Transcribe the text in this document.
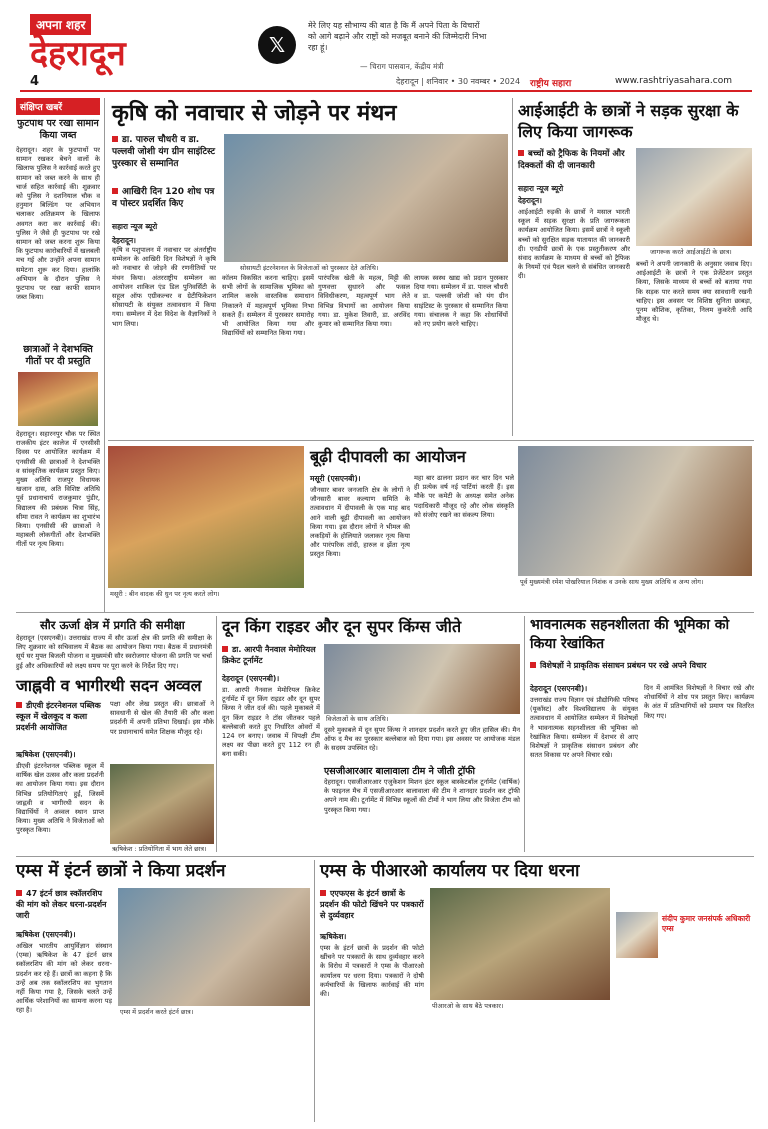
अपना शहर
देहरादून
4
𝕏
मेरे लिए यह सौभाग्य की बात है कि मैं अपने पिता के विचारों को आगे बढ़ाने और राष्ट्रों को मजबूत बनाने की जिम्मेदारी निभा रहा हूं।
— चिराग पासवान, केंद्रीय मंत्री
देहरादून | शनिवार • 30 नवम्बर • 2024 राष्ट्रीय सहारा	www.rashtriyasahara.com
संक्षिप्त खबरें
फुटपाथ पर रखा सामान किया जब्त
देहरादून। शहर के फुटपाथों पर सामान रखकर बेचने वालों के खिलाफ पुलिस ने कार्रवाई करते हुए सामान को जब्त करने के साथ ही चार्ज सहित कार्रवाई की। शुक्रवार को पुलिस ने दशनियाल चौक व हनुमान बिल्डिंग पर अभियान चलाकर अतिक्रमण के खिलाफ अवगत करा कर कार्रवाई की। पुलिस ने जैसे ही फुटपाथ पर रखे सामान को जब्त करना शुरू किया कि फुटपाथ कारोबारियों में खलबली मच गई और उन्होंने अपना सामान समेटना शुरू कर दिया। हालांकि अभियान के दौरान पुलिस ने फुटपाथ पर रखा काफी सामान जब्त किया।
छात्राओं ने देशभक्ति गीतों पर दी प्रस्तुति
देहरादून। सहारनपुर चौक पर स्थित राजकीय इंटर कालेज में एनसीसी दिवस पर आयोजित कार्यक्रम में एनसीसी की छात्राओं ने देशभक्ति व सांस्कृतिक कार्यक्रम प्रस्तुत किए। मुख्य अतिथि राजपुर विधायक खजान दास, अति विशिष्ट अतिथि पूर्व प्रधानाचार्य राजकुमार पुंडीर, विद्यालय की प्रबंधक चित्रा सिंह, सीमा रावत ने कार्यक्रम का शुभारंभ किया। एनसीसी की छात्राओं ने महाबली लोकगीतों और देशभक्ति गीतों पर नृत्य किया।
कृषि को नवाचार से जोड़ने पर मंथन
डा. पारुल चौधरी व डा. पल्लवी जोशी यंग ग्रीन साइंटिस्ट पुरस्कार से सम्मानित
आखिरी दिन 120 शोध पत्र व पोस्टर प्रदर्शित किए
सहारा न्यूज ब्यूरो
सोसायटी इंटरनेशनल के विजेताओं को पुरस्कार देते अतिथि।
देहरादून।
कृषि व पशुपालन में नवाचार पर अंतर्राष्ट्रीय सम्मेलन के आखिरी दिन विशेषज्ञों ने कृषि को नवाचार से जोड़ने की रणनीतियों पर मंथन किया। अंतरराष्ट्रीय सम्मेलन का आयोजन शाकिल एंड डिल पुनिवर्सिटी के सहूल ऑफ एग्रीकल्चर व ग्रेटीफिकेशन सोसायटी के संयुक्त तत्वावधान में किया गया। सम्मेलन में देश विदेश के वैज्ञानिकों ने भाग लिया।
कॉलम विकसित करना चाहिए। इसमें सभी लोगों के सामाजिक भूमिका को शामिल करके वास्तविक समाधान निकालने में महत्वपूर्ण भूमिका निभा सकते हैं। सम्मेलन में पुरस्कार समारोह भी आयोजित किया गया और विद्यार्थियों को सम्मानित किया गया।
पारंपरिक खेती के महत्व, मिट्टी की गुणवत्ता सुधारने और फसल विविधीकरण, महत्वपूर्ण भाग लेते विभिन्न विभागों का आयोजन किया गया। डा. मुकेश तिवारी, डा. अरविंद कुमार को सम्मानित किया गया।
लायक स्वस्थ खाद्य को प्रदान पुरस्कार दिया गया। सम्मेलन में डा. पारुल चौधरी व डा. पल्लवी जोशी को यंग ग्रीन साइंटिस्ट के पुरस्कार से सम्मानित किया गया। संचालक ने कहा कि शोधार्थियों को नए प्रयोग करने चाहिए।
आईआईटी के छात्रों ने सड़क सुरक्षा के लिए किया जागरूक
बच्चों को ट्रैफिक के नियमों और दिक्कतों की दी जानकारी
सहारा न्यूज ब्यूरो
देहरादून।
जागरूक करते आईआईटी के छात्र।
आईआईटी रुड़की के छात्रों ने मसाल भारती स्कूल में सड़क सुरक्षा के प्रति जागरूकता कार्यक्रम आयोजित किया। इसमें छात्रों ने स्कूली बच्चों को सुरक्षित सड़क यातायात की जानकारी दी। एनडीपी छात्रों के एक प्रस्तुतीकरण और संवाद कार्यक्रम के माध्यम से बच्चों को ट्रैफिक के नियमों एवं पैदल चलने से संबंधित जानकारी दी।
बच्चों ने अपनी जानकारी के अनुसार जवाब दिए। आईआईटी के छात्रों ने एक प्रेजेंटेशन प्रस्तुत किया, जिसके माध्यम से बच्चों को बताया गया कि सड़क पार करते समय क्या सावधानी रखनी चाहिए। इस अवसर पर विशिष्ठ सुनिता छाबड़ा, पूनम कौशिक, कृतिका, निलम कुकरेती आदि मौजूद थे।
मसूरी : बीन वादक की धुन पर नृत्य करते लोग।
बूढ़ी दीपावली का आयोजन
मसूरी (एसएनबी)।
जौनसार बावर जनजाति क्षेत्र के लोगों ने जौनसारी बावर कल्याण समिति के तत्वावधान में दीपावली के एक माह बाद आने वाली बूढ़ी दीपावली का आयोजन किया गया। इस दौरान लोगों ने भीमल की लकड़ियों के होलियाते जलाकर नृत्य किया और पारंपरिक तांदी, हारुल व झेंता नृत्य प्रस्तुत किया।
महा बार ढालना प्रदान कर चार दिन भले ही प्रत्येक वर्ष नई पार्टियां करती हैं। इस मौके पर कमेटी के अध्यक्ष समेत अनेक पदाधिकारी मौजूद रहे और लोक संस्कृति को संजोए रखने का संकल्प लिया।
पूर्व मुख्यमंत्री रमेश पोखरियाल निशंक व उनके साथ मुख्य अतिथि व अन्य लोग।
सौर ऊर्जा क्षेत्र में प्रगति की समीक्षा
देहरादून (एसएनबी)। उत्तराखंड राज्य में सौर ऊर्जा क्षेत्र की प्रगति की समीक्षा के लिए शुक्रवार को सचिवालय में बैठक का आयोजन किया गया। बैठक में प्रधानमंत्री सूर्य घर मुफ्त बिजली योजना व मुख्यमंत्री सौर स्वरोजगार योजना की प्रगति पर चर्चा हुई और अधिकारियों को लक्ष्य समय पर पूरा करने के निर्देश दिए गए।
जाह्नवी व भागीरथी सदन अव्वल
डीएवी इंटरनेशनल पब्लिक स्कूल में खेलकूद व कला प्रदर्शनी आयोजित
ऋषिकेश (एसएनबी)।
डीएवी इंटरनेशनल पब्लिक स्कूल में वार्षिक खेल उत्सव और कला प्रदर्शनी का आयोजन किया गया। इस दौरान विभिन्न प्रतियोगिताएं हुईं, जिसमें जाह्नवी व भागीरथी सदन के विद्यार्थियों ने अव्वल स्थान प्राप्त किया। मुख्य अतिथि ने विजेताओं को पुरस्कृत किया।
पक्षा और लेख प्रस्तुत की। छात्राओं ने सावधानी से खेल की तैयारी की और कला प्रदर्शनी में अपनी प्रतिभा दिखाई। इस मौके पर प्रधानाचार्य समेत शिक्षक मौजूद रहे।
ऋषिकेश : प्रतियोगिता में भाग लेते छात्र।
दून किंग राइडर और दून सुपर किंग्स जीते
डा. आरपी नैनवाल मेमोरियल क्रिकेट टूर्नामेंट
देहरादून (एसएनबी)।
डा. आरपी नैनवाल मेमोरियल क्रिकेट टूर्नामेंट में दून किंग राइडर और दून सुपर किंग्स ने जीत दर्ज की। पहले मुकाबले में दून किंग राइडर ने टॉस जीतकर पहले बल्लेबाजी करते हुए निर्धारित ओवरों में 124 रन बनाए। जवाब में विपक्षी टीम लक्ष्य का पीछा करते हुए 112 रन ही बना सकी।
विजेताओं के साथ अतिथि।
दूसरे मुकाबले में दून सुपर किंग्स ने शानदार प्रदर्शन करते हुए जीत हासिल की। मैन ऑफ द मैच का पुरस्कार बल्लेबाज को दिया गया। इस अवसर पर आयोजक मंडल के सदस्य उपस्थित रहे।
एसजीआरआर बालावाला टीम ने जीती ट्रॉफी
देहरादून। एसजीआरआर एजुकेशन मिशन इंटर स्कूल बास्केटबॉल टूर्नामेंट (वार्षिक) के फाइनल मैच में एसजीआरआर बालावाला की टीम ने शानदार प्रदर्शन कर ट्रॉफी अपने नाम की। टूर्नामेंट में विभिन्न स्कूलों की टीमों ने भाग लिया और विजेता टीम को पुरस्कृत किया गया।
भावनात्मक सहनशीलता की भूमिका को किया रेखांकित
विशेषज्ञों ने प्राकृतिक संसाधन प्रबंधन पर रखे अपने विचार
देहरादून (एसएनबी)।
उत्तराखंड राज्य विज्ञान एवं प्रौद्योगिकी परिषद (यूकॉस्ट) और विश्वविद्यालय के संयुक्त तत्वावधान में आयोजित सम्मेलन में विशेषज्ञों ने भावनात्मक सहनशीलता की भूमिका को रेखांकित किया। सम्मेलन में देशभर से आए विशेषज्ञों ने प्राकृतिक संसाधन प्रबंधन और सतत विकास पर अपने विचार रखे।
दिन में आमंत्रित विशेषज्ञों ने विचार रखे और शोधार्थियों ने शोध पत्र प्रस्तुत किए। कार्यक्रम के अंत में प्रतिभागियों को प्रमाण पत्र वितरित किए गए।
एम्स में इंटर्न छात्रों ने किया प्रदर्शन
47 इंटर्न छात्र स्कॉलरशिप की मांग को लेकर धरना-प्रदर्शन जारी
ऋषिकेश (एसएनबी)।
अखिल भारतीय आयुर्विज्ञान संस्थान (एम्स) ऋषिकेश के 47 इंटर्न छात्र स्कॉलरशिप की मांग को लेकर धरना-प्रदर्शन कर रहे हैं। छात्रों का कहना है कि उन्हें अब तक स्कॉलरशिप का भुगतान नहीं किया गया है, जिसके चलते उन्हें आर्थिक परेशानियों का सामना करना पड़ रहा है।	एम्स में प्रदर्शन करते इंटर्न छात्र।
एम्स के पीआरओ कार्यालय पर दिया धरना
एएफएस के इंटर्न छात्रों के प्रदर्शन की फोटो खिंचने पर पत्रकारों से दुर्व्यवहार
ऋषिकेश।
एम्स के इंटर्न छात्रों के प्रदर्शन की फोटो खींचने पर पत्रकारों के साथ दुर्व्यवहार करने के विरोध में पत्रकारों ने एम्स के पीआरओ कार्यालय पर धरना दिया। पत्रकारों ने दोषी कर्मचारियों के खिलाफ कार्रवाई की मांग की।
पीआरओ के साथ बैठे पत्रकार।
संदीप कुमार जनसंपर्क अधिकारी एम्स
